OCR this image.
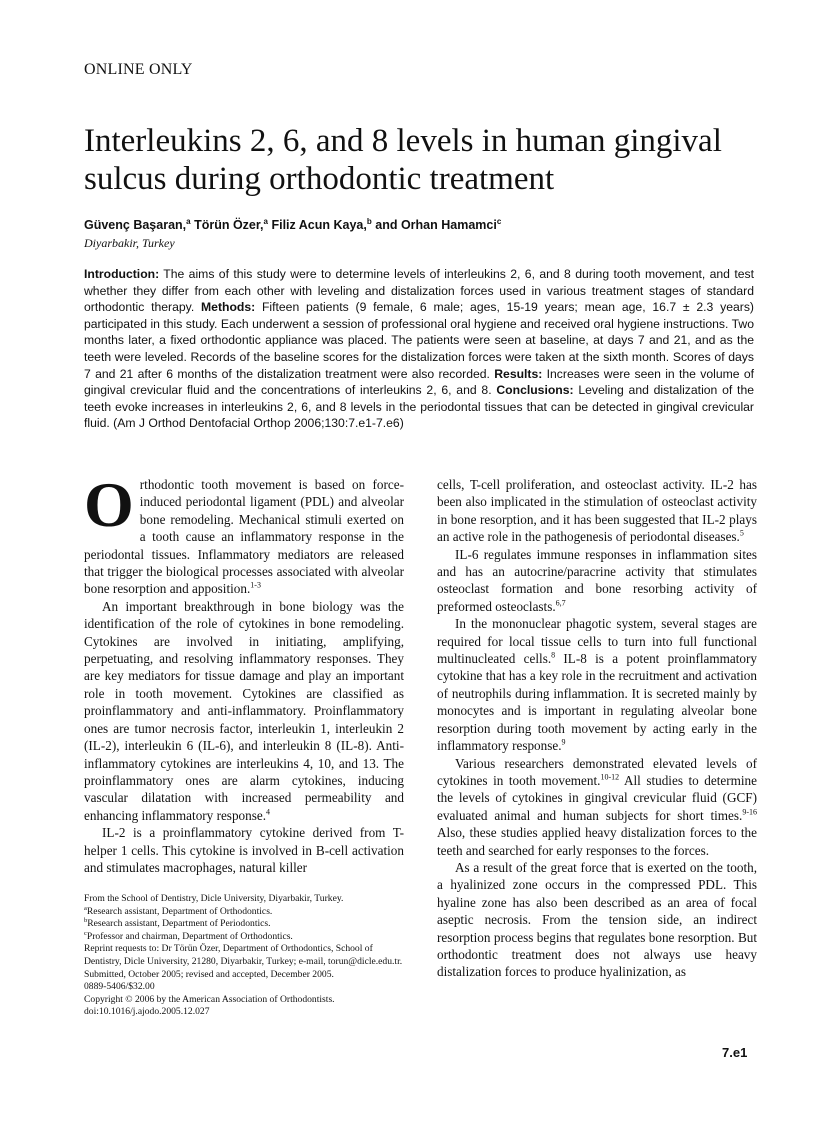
ONLINE ONLY
Interleukins 2, 6, and 8 levels in human gingival sulcus during orthodontic treatment
Güvenç Başaran,$^a$ Törün Özer,$^a$ Filiz Acun Kaya,$^b$ and Orhan Hamamci$^c$
Diyarbakir, Turkey

Introduction: The aims of this study were to determine levels of interleukins 2, 6, and 8 during tooth movement, and test whether they differ from each other with leveling and distalization forces used in various treatment stages of standard orthodontic therapy. Methods: Fifteen patients (9 female, 6 male; ages, 15-19 years; mean age, 16.7 ± 2.3 years) participated in this study. Each underwent a session of professional oral hygiene and received oral hygiene instructions. Two months later, a fixed orthodontic appliance was placed. The patients were seen at baseline, at days 7 and 21, and as the teeth were leveled. Records of the baseline scores for the distalization forces were taken at the sixth month. Scores of days 7 and 21 after 6 months of the distalization treatment were also recorded. Results: Increases were seen in the volume of gingival crevicular fluid and the concentrations of interleukins 2, 6, and 8. Conclusions: Leveling and distalization of the teeth evoke increases in interleukins 2, 6, and 8 levels in the periodontal tissues that can be detected in gingival crevicular fluid. (Am J Orthod Dentofacial Orthop 2006;130:7.e1-7.e6)

Orthodontic tooth movement is based on force-induced periodontal ligament (PDL) and alveolar bone remodeling. Mechanical stimuli exerted on a tooth cause an inflammatory response in the periodontal tissues. Inflammatory mediators are released that trigger the biological processes associated with alveolar bone resorption and apposition.$^{1-3}$

An important breakthrough in bone biology was the identification of the role of cytokines in bone remodeling. Cytokines are involved in initiating, amplifying, perpetuating, and resolving inflammatory responses. They are key mediators for tissue damage and play an important role in tooth movement. Cytokines are classified as proinflammatory and anti-inflammatory. Proinflammatory ones are tumor necrosis factor, interleukin 1, interleukin 2 (IL-2), interleukin 6 (IL-6), and interleukin 8 (IL-8). Anti-inflammatory cytokines are interleukins 4, 10, and 13. The proinflammatory ones are alarm cytokines, inducing vascular dilatation with increased permeability and enhancing inflammatory response.$^4$

IL-2 is a proinflammatory cytokine derived from T-helper 1 cells. This cytokine is involved in B-cell activation and stimulates macrophages, natural killer

cells, T-cell proliferation, and osteoclast activity. IL-2 has been also implicated in the stimulation of osteoclast activity in bone resorption, and it has been suggested that IL-2 plays an active role in the pathogenesis of periodontal diseases.$^5$

IL-6 regulates immune responses in inflammation sites and has an autocrine/paracrine activity that stimulates osteoclast formation and bone resorbing activity of preformed osteoclasts.$^{6,7}$

In the mononuclear phagotic system, several stages are required for local tissue cells to turn into full functional multinucleated cells.$^8$ IL-8 is a potent proinflammatory cytokine that has a key role in the recruitment and activation of neutrophils during inflammation. It is secreted mainly by monocytes and is important in regulating alveolar bone resorption during tooth movement by acting early in the inflammatory response.$^9$

Various researchers demonstrated elevated levels of cytokines in tooth movement.$^{10-12}$ All studies to determine the levels of cytokines in gingival crevicular fluid (GCF) evaluated animal and human subjects for short times.$^{9-16}$ Also, these studies applied heavy distalization forces to the teeth and searched for early responses to the forces.

As a result of the great force that is exerted on the tooth, a hyalinized zone occurs in the compressed PDL. This hyaline zone has also been described as an area of focal aseptic necrosis. From the tension side, an indirect resorption process begins that regulates bone resorption. But orthodontic treatment does not always use heavy distalization forces to produce hyalinization, as

From the School of Dentistry, Dicle University, Diyarbakir, Turkey.
$^a$Research assistant, Department of Orthodontics.
$^b$Research assistant, Department of Periodontics.
$^c$Professor and chairman, Department of Orthodontics.
Reprint requests to: Dr Törün Özer, Department of Orthodontics, School of Dentistry, Dicle University, 21280, Diyarbakir, Turkey; e-mail, torun@dicle.edu.tr.
Submitted, October 2005; revised and accepted, December 2005.
0889-5406/$32.00
Copyright © 2006 by the American Association of Orthodontists.
doi:10.1016/j.ajodo.2005.12.027
7.e1
